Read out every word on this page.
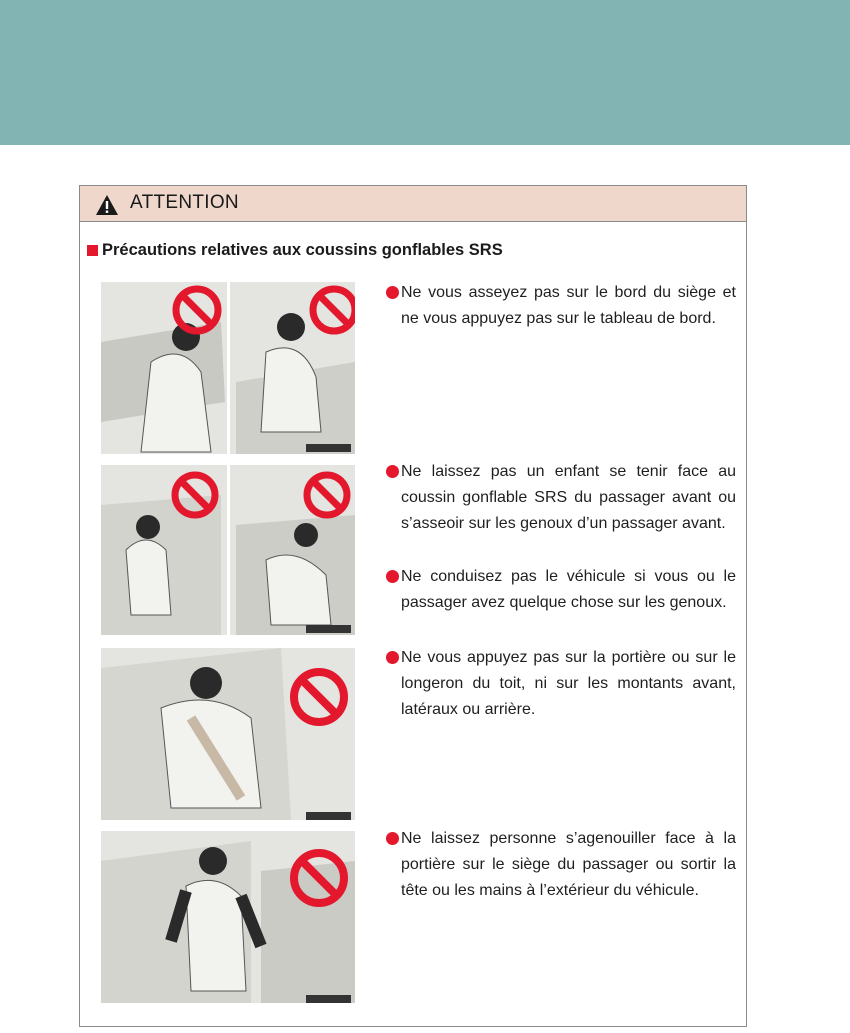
ATTENTION
Précautions relatives aux coussins gonflables SRS
Ne vous asseyez pas sur le bord du siège et ne vous appuyez pas sur le tableau de bord.
Ne laissez pas un enfant se tenir face au coussin gonflable SRS du passager avant ou s’asseoir sur les genoux d’un passager avant.
Ne conduisez pas le véhicule si vous ou le passager avez quelque chose sur les genoux.
Ne vous appuyez pas sur la portière ou sur le longeron du toit, ni sur les montants avant, latéraux ou arrière.
Ne laissez personne s’agenouiller face à la portière sur le siège du passager ou sortir la tête ou les mains à l’extérieur du véhicule.
